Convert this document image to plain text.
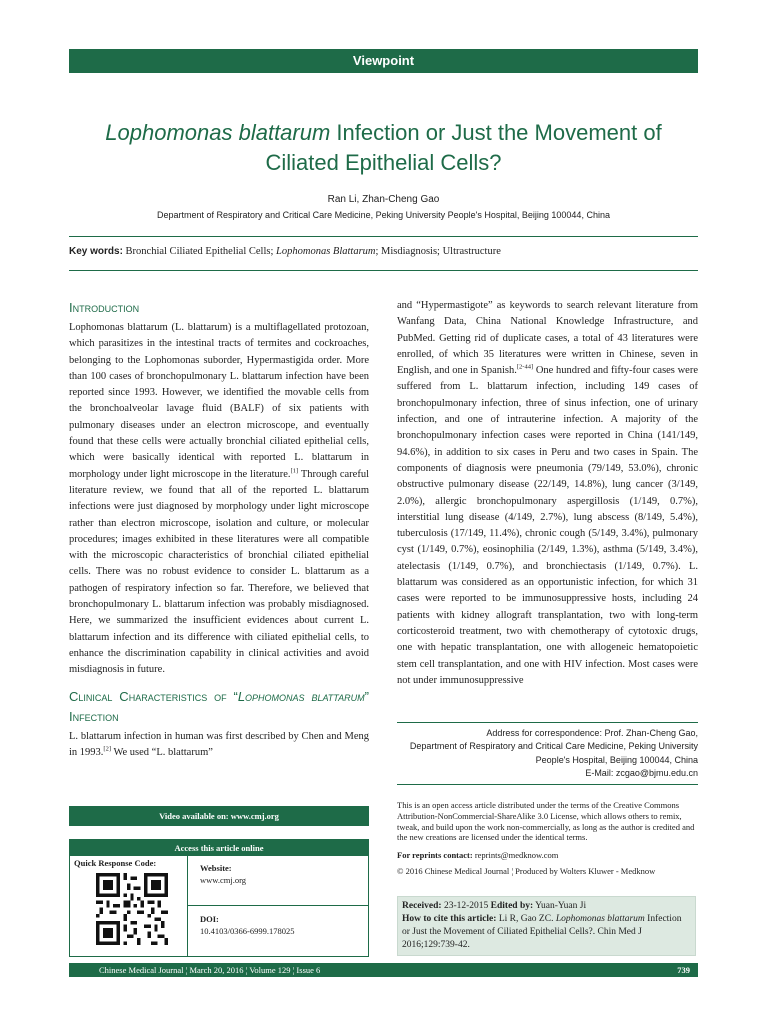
Viewpoint
Lophomonas blattarum Infection or Just the Movement of
Ciliated Epithelial Cells?
Ran Li, Zhan-Cheng Gao
Department of Respiratory and Critical Care Medicine, Peking University People's Hospital, Beijing 100044, China
Key words: Bronchial Ciliated Epithelial Cells; Lophomonas Blattarum; Misdiagnosis; Ultrastructure
Introduction

Lophomonas blattarum (L. blattarum) is a multiflagellated protozoan, which parasitizes in the intestinal tracts of termites and cockroaches, belonging to the Lophomonas suborder, Hypermastigida order. More than 100 cases of bronchopulmonary L. blattarum infection have been reported since 1993. However, we identified the movable cells from the bronchoalveolar lavage fluid (BALF) of six patients with pulmonary diseases under an electron microscope, and eventually found that these cells were actually bronchial ciliated epithelial cells, which were basically identical with reported L. blattarum in morphology under light microscope in the literature.[1] Through careful literature review, we found that all of the reported L. blattarum infections were just diagnosed by morphology under light microscope rather than electron microscope, isolation and culture, or molecular procedures; images exhibited in these literatures were all compatible with the microscopic characteristics of bronchial ciliated epithelial cells. There was no robust evidence to consider L. blattarum as a pathogen of respiratory infection so far. Therefore, we believed that bronchopulmonary L. blattarum infection was probably misdiagnosed. Here, we summarized the insufficient evidences about current L. blattarum infection and its difference with ciliated epithelial cells, to enhance the discrimination capability in clinical activities and avoid misdiagnosis in future.

Clinical Characteristics of “Lophomonas blattarum” Infection

L. blattarum infection in human was first described by Chen and Meng in 1993.[2] We used “L. blattarum”

and “Hypermastigote” as keywords to search relevant literature from Wanfang Data, China National Knowledge Infrastructure, and PubMed. Getting rid of duplicate cases, a total of 43 literatures were enrolled, of which 35 literatures were written in Chinese, seven in English, and one in Spanish.[2-44] One hundred and fifty-four cases were suffered from L. blattarum infection, including 149 cases of bronchopulmonary infection, three of sinus infection, one of urinary infection, and one of intrauterine infection. A majority of the bronchopulmonary infection cases were reported in China (141/149, 94.6%), in addition to six cases in Peru and two cases in Spain. The components of diagnosis were pneumonia (79/149, 53.0%), chronic obstructive pulmonary disease (22/149, 14.8%), lung cancer (3/149, 2.0%), allergic bronchopulmonary aspergillosis (1/149, 0.7%), interstitial lung disease (4/149, 2.7%), lung abscess (8/149, 5.4%), tuberculosis (17/149, 11.4%), chronic cough (5/149, 3.4%), pulmonary cyst (1/149, 0.7%), eosinophilia (2/149, 1.3%), asthma (5/149, 3.4%), atelectasis (1/149, 0.7%), and bronchiectasis (1/149, 0.7%). L. blattarum was considered as an opportunistic infection, for which 31 cases were reported to be immunosuppressive hosts, including 24 patients with kidney allograft transplantation, two with long-term corticosteroid treatment, two with chemotherapy of cytotoxic drugs, one with hepatic transplantation, one with allogeneic hematopoietic stem cell transplantation, and one with HIV infection. Most cases were not under immunosuppressive

Address for correspondence: Prof. Zhan-Cheng Gao,
Department of Respiratory and Critical Care Medicine, Peking University
People's Hospital, Beijing 100044, China
E-Mail: zcgao@bjmu.edu.cn
This is an open access article distributed under the terms of the Creative Commons Attribution-NonCommercial-ShareAlike 3.0 License, which allows others to remix, tweak, and build upon the work non-commercially, as long as the author is credited and the new creations are licensed under the identical terms.
For reprints contact: reprints@medknow.com
© 2016 Chinese Medical Journal ¦ Produced by Wolters Kluwer - Medknow
Received: 23-12-2015 Edited by: Yuan-Yuan Ji
How to cite this article: Li R, Gao ZC. Lophomonas blattarum Infection or Just the Movement of Ciliated Epithelial Cells?. Chin Med J 2016;129:739-42.
Video available on: www.cmj.org
Access this article online
Quick Response Code:	Website:
www.cmj.org
DOI:
10.4103/0366-6999.178025
Chinese Medical Journal ¦ March 20, 2016 ¦ Volume 129 ¦ Issue 6	739
